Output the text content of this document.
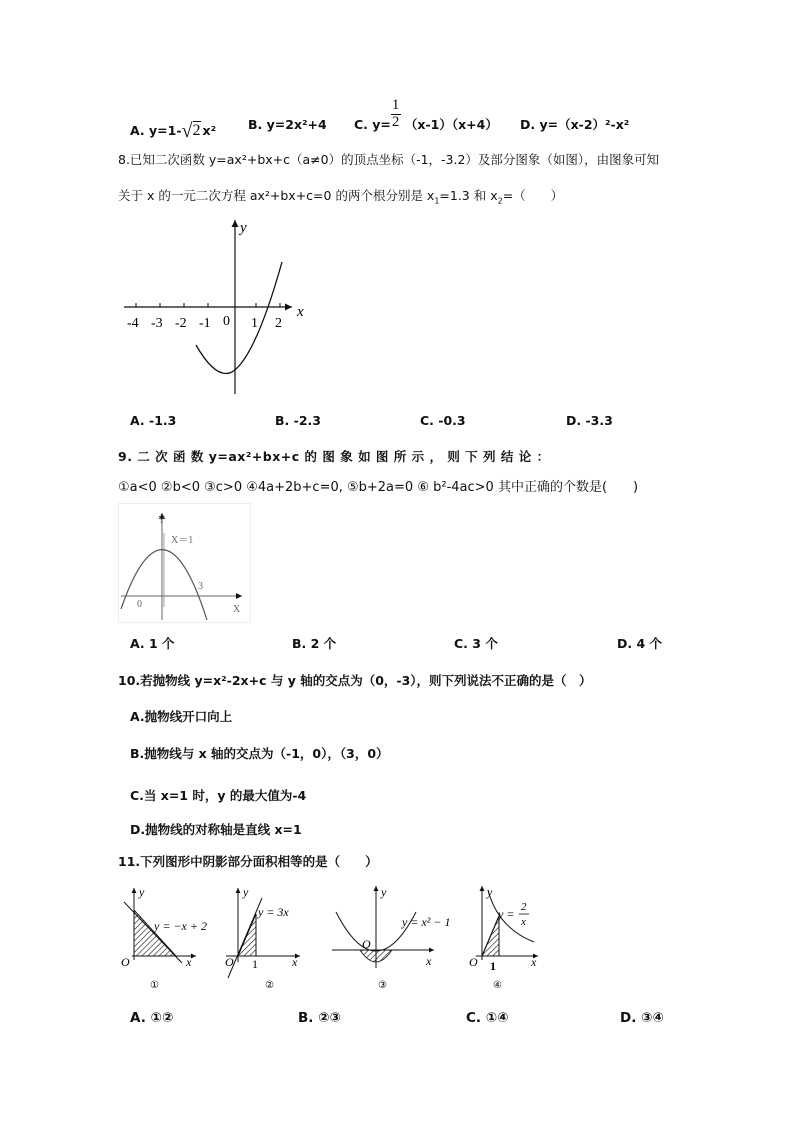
A. y=1-√2 x²	B. y=2x²+4 C. $y= \frac{1}{2} (x-1)(x+4)$ D. y=（x-2）²-x²
8.已知二次函数 y=ax²+bx+c（a≠0）的顶点坐标（-1，-3.2）及部分图象（如图），由图象可知
关于 x 的一元二次方程 ax²+bx+c=0 的两个根分别是 $x_1=1.3$ 和 $x_2=$（　　）
y
x
-4 -3 -2 -1 0 1 2
A. -1.3	B. -2.3	C. -0.3	D. -3.3
9. 二 次 函 数 y=ax²+bx+c 的 图 象 如 图 所 示 ， 则 下 列 结 论 ：
①a<0 ②b<0 ③c>0 ④4a+2b+c=0, ⑤b+2a=0 ⑥ b²-4ac>0 其中正确的个数是(　　)
Y
X＝1
0
3
X
A. 1 个	B. 2 个	C. 3 个	D. 4 个
10.若抛物线 y=x²-2x+c 与 y 轴的交点为（0，-3），则下列说法不正确的是（　）
A.抛物线开口向上
B.抛物线与 x 轴的交点为（-1，0），（3，0）
C.当 x=1 时，y 的最大值为-4
D.抛物线的对称轴是直线 x=1
11.下列图形中阴影部分面积相等的是（　　）
y
y = −x + 2
O	x
①
y
y = 3x
O 1	x
②
y
y = x² − 1
O
x
③
y
y = 2
x
O 1	x
④
A. ①②	B. ②③	C. ①④	D. ③④
